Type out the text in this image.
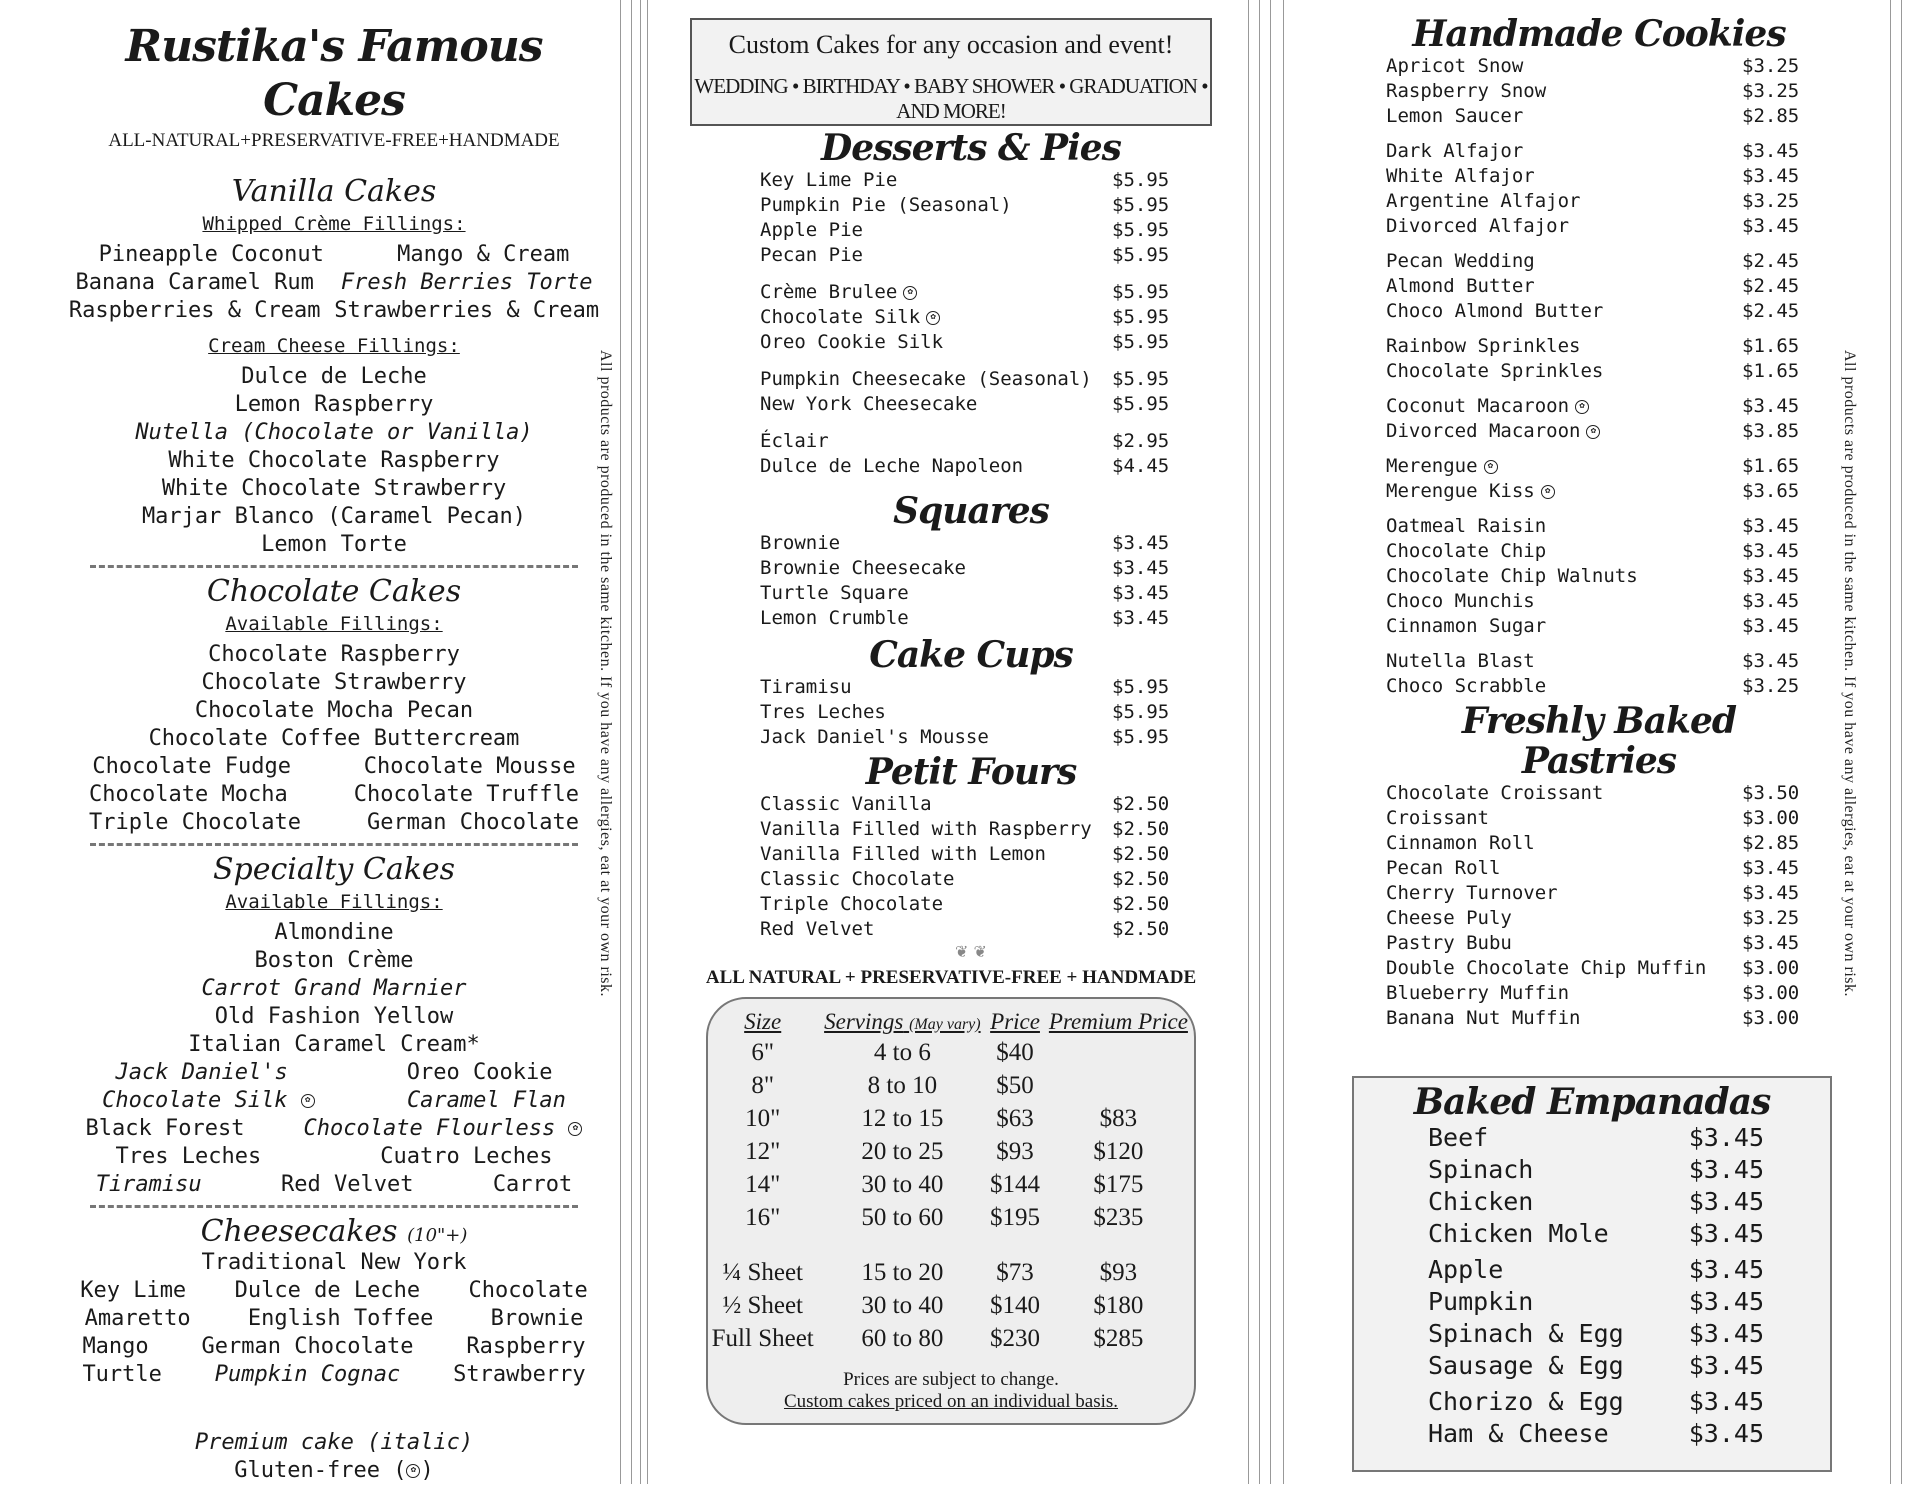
Rustika's Famous Cakes
ALL-NATURAL+PRESERVATIVE-FREE+HANDMADE
Vanilla Cakes
Whipped Crème Fillings:
Pineapple Coconut	Mango & Cream
Banana Caramel Rum Fresh Berries Torte
Raspberries & Cream Strawberries & Cream
Cream Cheese Fillings:
Dulce de Leche
Lemon Raspberry
Nutella (Chocolate or Vanilla)
White Chocolate Raspberry
White Chocolate Strawberry
Marjar Blanco (Caramel Pecan)
Lemon Torte
Chocolate Cakes
Available Fillings:
Chocolate Raspberry
Chocolate Strawberry
Chocolate Mocha Pecan
Chocolate Coffee Buttercream
Chocolate Fudge	Chocolate Mousse
Chocolate Mocha	Chocolate Truffle
Triple Chocolate	German Chocolate
Specialty Cakes
Available Fillings:
Almondine
Boston Crème
Carrot Grand Marnier
Old Fashion Yellow
Italian Caramel Cream*
Jack Daniel's	Oreo Cookie
Chocolate Silk ✿	Caramel Flan
Black Forest	Chocolate Flourless ✿
Tres Leches	Cuatro Leches
Tiramisu	Red Velvet	Carrot
Cheesecakes (10"+)
Traditional New York
Key Lime Dulce de Leche Chocolate
Amaretto	English Toffee	Brownie
Mango German Chocolate Raspberry
Turtle Pumpkin Cognac Strawberry
Premium cake (italic)
Gluten-free ( ✿ )
All products are produced in the same kitchen. If you have any allergies, eat at your own risk.
Custom Cakes for any occasion and event!
WEDDING • BIRTHDAY • BABY SHOWER • GRADUATION • AND MORE!
Desserts & Pies
Key Lime Pie	$5.95
Pumpkin Pie (Seasonal)	$5.95
Apple Pie	$5.95
Pecan Pie	$5.95
Crème Brulee ✿	$5.95
Chocolate Silk ✿	$5.95
Oreo Cookie Silk	$5.95
Pumpkin Cheesecake (Seasonal) $5.95
New York Cheesecake	$5.95
Éclair	$2.95
Dulce de Leche Napoleon	$4.45
Squares
Brownie	$3.45
Brownie Cheesecake	$3.45
Turtle Square	$3.45
Lemon Crumble	$3.45
Cake Cups
Tiramisu	$5.95
Tres Leches	$5.95
Jack Daniel's Mousse	$5.95
Petit Fours
Classic Vanilla	$2.50
Vanilla Filled with Raspberry $2.50
Vanilla Filled with Lemon	$2.50
Classic Chocolate	$2.50
Triple Chocolate	$2.50
Red Velvet	$2.50
❦ ❦
ALL NATURAL + PRESERVATIVE-FREE + HANDMADE
Size	Servings (May vary)	Price	Premium Price
6"	4 to 6	$40	
8"	8 to 10	$50	
10"	12 to 15	$63	$83
12"	20 to 25	$93	$120
14"	30 to 40	$144	$175
16"	50 to 60	$195	$235

¼ Sheet	15 to 20	$73	$93
½ Sheet	30 to 40	$140	$180
Full Sheet	60 to 80	$230	$285
Prices are subject to change.
Custom cakes priced on an individual basis.
Handmade Cookies
Apricot Snow	$3.25
Raspberry Snow	$3.25
Lemon Saucer	$2.85
Dark Alfajor	$3.45
White Alfajor	$3.45
Argentine Alfajor	$3.25
Divorced Alfajor	$3.45
Pecan Wedding	$2.45
Almond Butter	$2.45
Choco Almond Butter	$2.45
Rainbow Sprinkles	$1.65
Chocolate Sprinkles	$1.65
Coconut Macaroon ✿	$3.45
Divorced Macaroon ✿	$3.85
Merengue ✿	$1.65
Merengue Kiss ✿	$3.65
Oatmeal Raisin	$3.45
Chocolate Chip	$3.45
Chocolate Chip Walnuts	$3.45
Choco Munchis	$3.45
Cinnamon Sugar	$3.45
Nutella Blast	$3.45
Choco Scrabble	$3.25
Freshly Baked Pastries
Chocolate Croissant	$3.50
Croissant	$3.00
Cinnamon Roll	$2.85
Pecan Roll	$3.45
Cherry Turnover	$3.45
Cheese Puly	$3.25
Pastry Bubu	$3.45
Double Chocolate Chip Muffin $3.00
Blueberry Muffin	$3.00
Banana Nut Muffin	$3.00
Baked Empanadas
Beef	$3.45
Spinach	$3.45
Chicken	$3.45
Chicken Mole	$3.45
Apple	$3.45
Pumpkin	$3.45
Spinach & Egg	$3.45
Sausage & Egg	$3.45
Chorizo & Egg	$3.45
Ham & Cheese	$3.45
All products are produced in the same kitchen. If you have any allergies, eat at your own risk.
